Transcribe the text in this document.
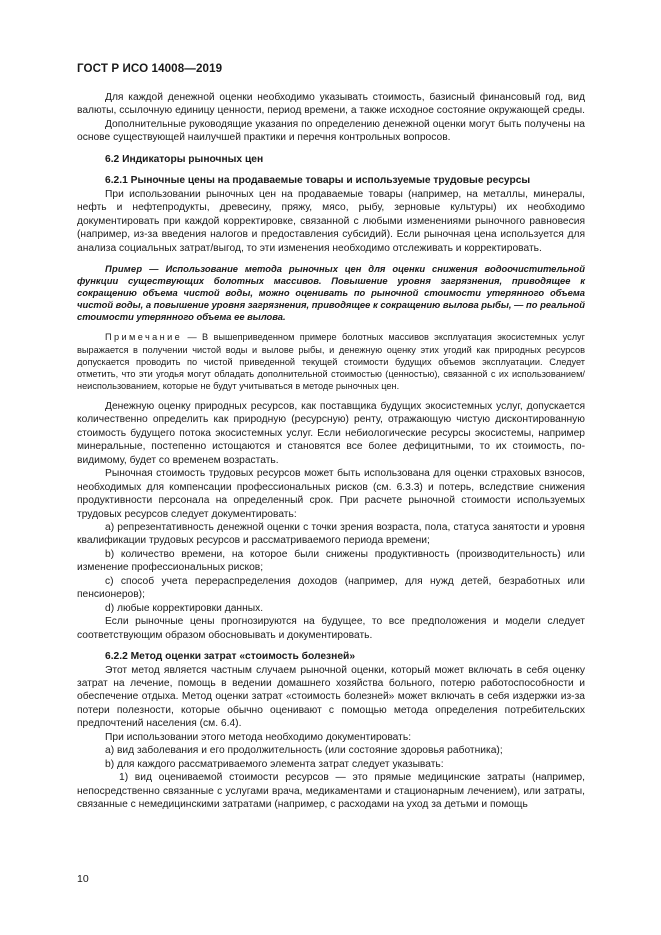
ГОСТ Р ИСО 14008—2019

Для каждой денежной оценки необходимо указывать стоимость, базисный финансовый год, вид валюты, ссылочную единицу ценности, период времени, а также исходное состояние окружающей среды.

Дополнительные руководящие указания по определению денежной оценки могут быть получены на основе существующей наилучшей практики и перечня контрольных вопросов.

6.2 Индикаторы рыночных цен

6.2.1 Рыночные цены на продаваемые товары и используемые трудовые ресурсы

При использовании рыночных цен на продаваемые товары (например, на металлы, минералы, нефть и нефтепродукты, древесину, пряжу, мясо, рыбу, зерновые культуры) их необходимо документировать при каждой корректировке, связанной с любыми изменениями рыночного равновесия (например, из-за введения налогов и предоставления субсидий). Если рыночная цена используется для анализа социальных затрат/выгод, то эти изменения необходимо отслеживать и корректировать.

Пример — Использование метода рыночных цен для оценки снижения водоочистительной функции существующих болотных массивов. Повышение уровня загрязнения, приводящее к сокращению объема чистой воды, можно оценивать по рыночной стоимости утерянного объема чистой воды, а повышение уровня загрязнения, приводящее к сокращению вылова рыбы, — по реальной стоимости утерянного объема ее вылова.

Примечание — В вышеприведенном примере болотных массивов эксплуатация экосистемных услуг выражается в получении чистой воды и вылове рыбы, и денежную оценку этих угодий как природных ресурсов допускается проводить по чистой приведенной текущей стоимости будущих объемов эксплуатации. Следует отметить, что эти угодья могут обладать дополнительной стоимостью (ценностью), связанной с их использованием/неиспользованием, которые не будут учитываться в методе рыночных цен.

Денежную оценку природных ресурсов, как поставщика будущих экосистемных услуг, допускается количественно определить как природную (ресурсную) ренту, отражающую чистую дисконтированную стоимость будущего потока экосистемных услуг. Если небиологические ресурсы экосистемы, например минеральные, постепенно истощаются и становятся все более дефицитными, то их стоимость, по-видимому, будет со временем возрастать.

Рыночная стоимость трудовых ресурсов может быть использована для оценки страховых взносов, необходимых для компенсации профессиональных рисков (см. 6.3.3) и потерь, вследствие снижения продуктивности персонала на определенный срок. При расчете рыночной стоимости используемых трудовых ресурсов следует документировать:

a) репрезентативность денежной оценки с точки зрения возраста, пола, статуса занятости и уровня квалификации трудовых ресурсов и рассматриваемого периода времени;

b) количество времени, на которое были снижены продуктивность (производительность) или изменение профессиональных рисков;

c) способ учета перераспределения доходов (например, для нужд детей, безработных или пенсионеров);

d) любые корректировки данных.

Если рыночные цены прогнозируются на будущее, то все предположения и модели следует соответствующим образом обосновывать и документировать.

6.2.2 Метод оценки затрат «стоимость болезней»

Этот метод является частным случаем рыночной оценки, который может включать в себя оценку затрат на лечение, помощь в ведении домашнего хозяйства больного, потерю работоспособности и обеспечение отдыха. Метод оценки затрат «стоимость болезней» может включать в себя издержки из-за потери полезности, которые обычно оценивают с помощью метода определения потребительских предпочтений населения (см. 6.4).

При использовании этого метода необходимо документировать:

a) вид заболевания и его продолжительность (или состояние здоровья работника);

b) для каждого рассматриваемого элемента затрат следует указывать:

1) вид оцениваемой стоимости ресурсов — это прямые медицинские затраты (например, непосредственно связанные с услугами врача, медикаментами и стационарным лечением), или затраты, связанные с немедицинскими затратами (например, с расходами на уход за детьми и помощь

10
